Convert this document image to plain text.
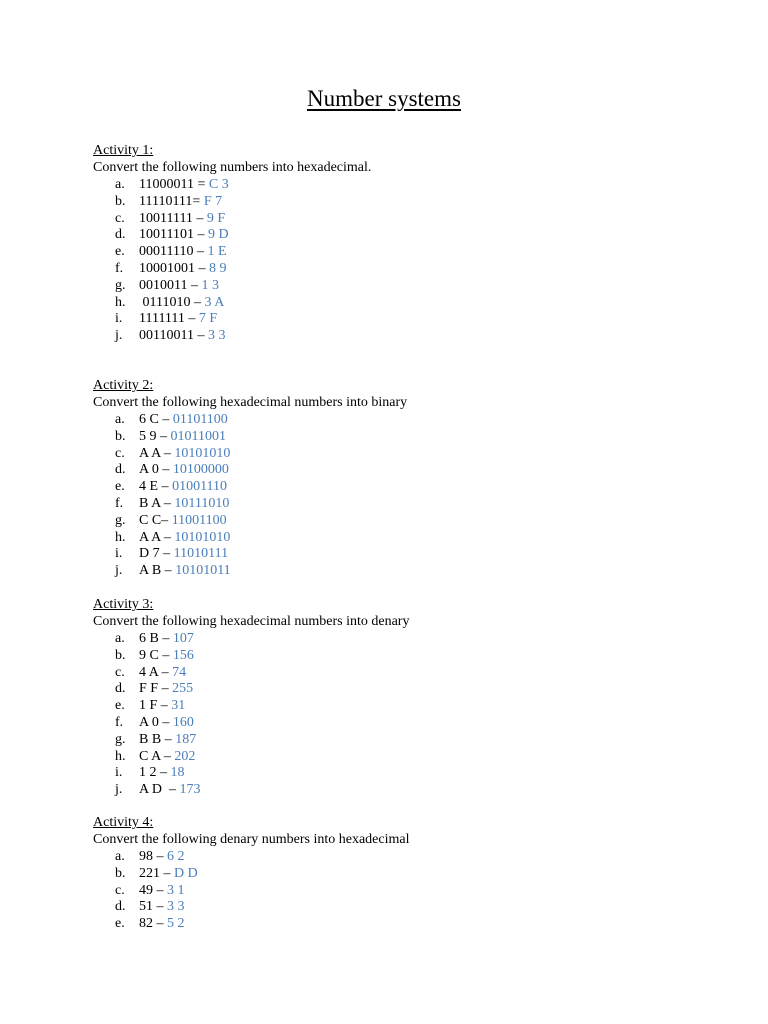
Number systems
Activity 1:
Convert the following numbers into hexadecimal.
a.	11000011 = C 3
b. 11110111= F 7
c.	10011111 – 9 F
d. 10011101 – 9 D
e.	00011110 – 1 E
f.	10001001 – 8 9
g. 0010011 – 1 3
h. 0111010 – 3 A
i.	1111111 – 7 F
j.	00110011 – 3 3
Activity 2:
Convert the following hexadecimal numbers into binary
a.	6 C – 01101100
b. 5 9 – 01011001
c.	A A – 10101010
d. A 0 – 10100000
e.	4 E – 01001110
f.	B A – 10111010
g. C C– 11001100
h. A A – 10101010
i.	D 7 – 11010111
j.	A B – 10101011
Activity 3:
Convert the following hexadecimal numbers into denary
a.	6 B – 107
b. 9 C – 156
c.	4 A – 74
d. F F – 255
e.	1 F – 31
f.	A 0 – 160
g. B B – 187
h. C A – 202
i.	1 2 – 18
j.	A D  – 173
Activity 4:
Convert the following denary numbers into hexadecimal
a.	98 – 6 2
b. 221 – D D
c.	49 – 3 1
d. 51 – 3 3
e.	82 – 5 2
